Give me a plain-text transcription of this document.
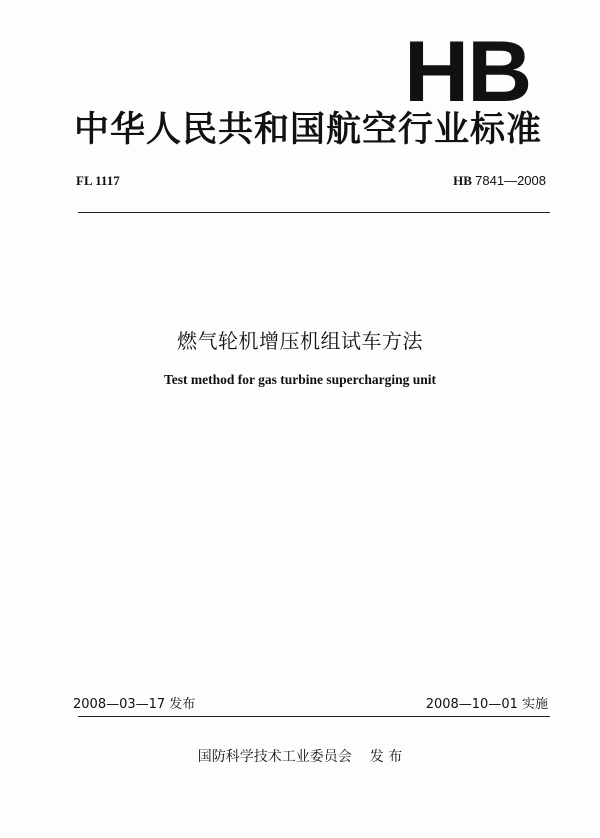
HB
中华人民共和国航空行业标准
FL 1117	HB 7841—2008
燃气轮机增压机组试车方法
Test method for gas turbine supercharging unit
2008—03—17 发布	2008—10—01 实施
国防科学技术工业委员会 发 布
